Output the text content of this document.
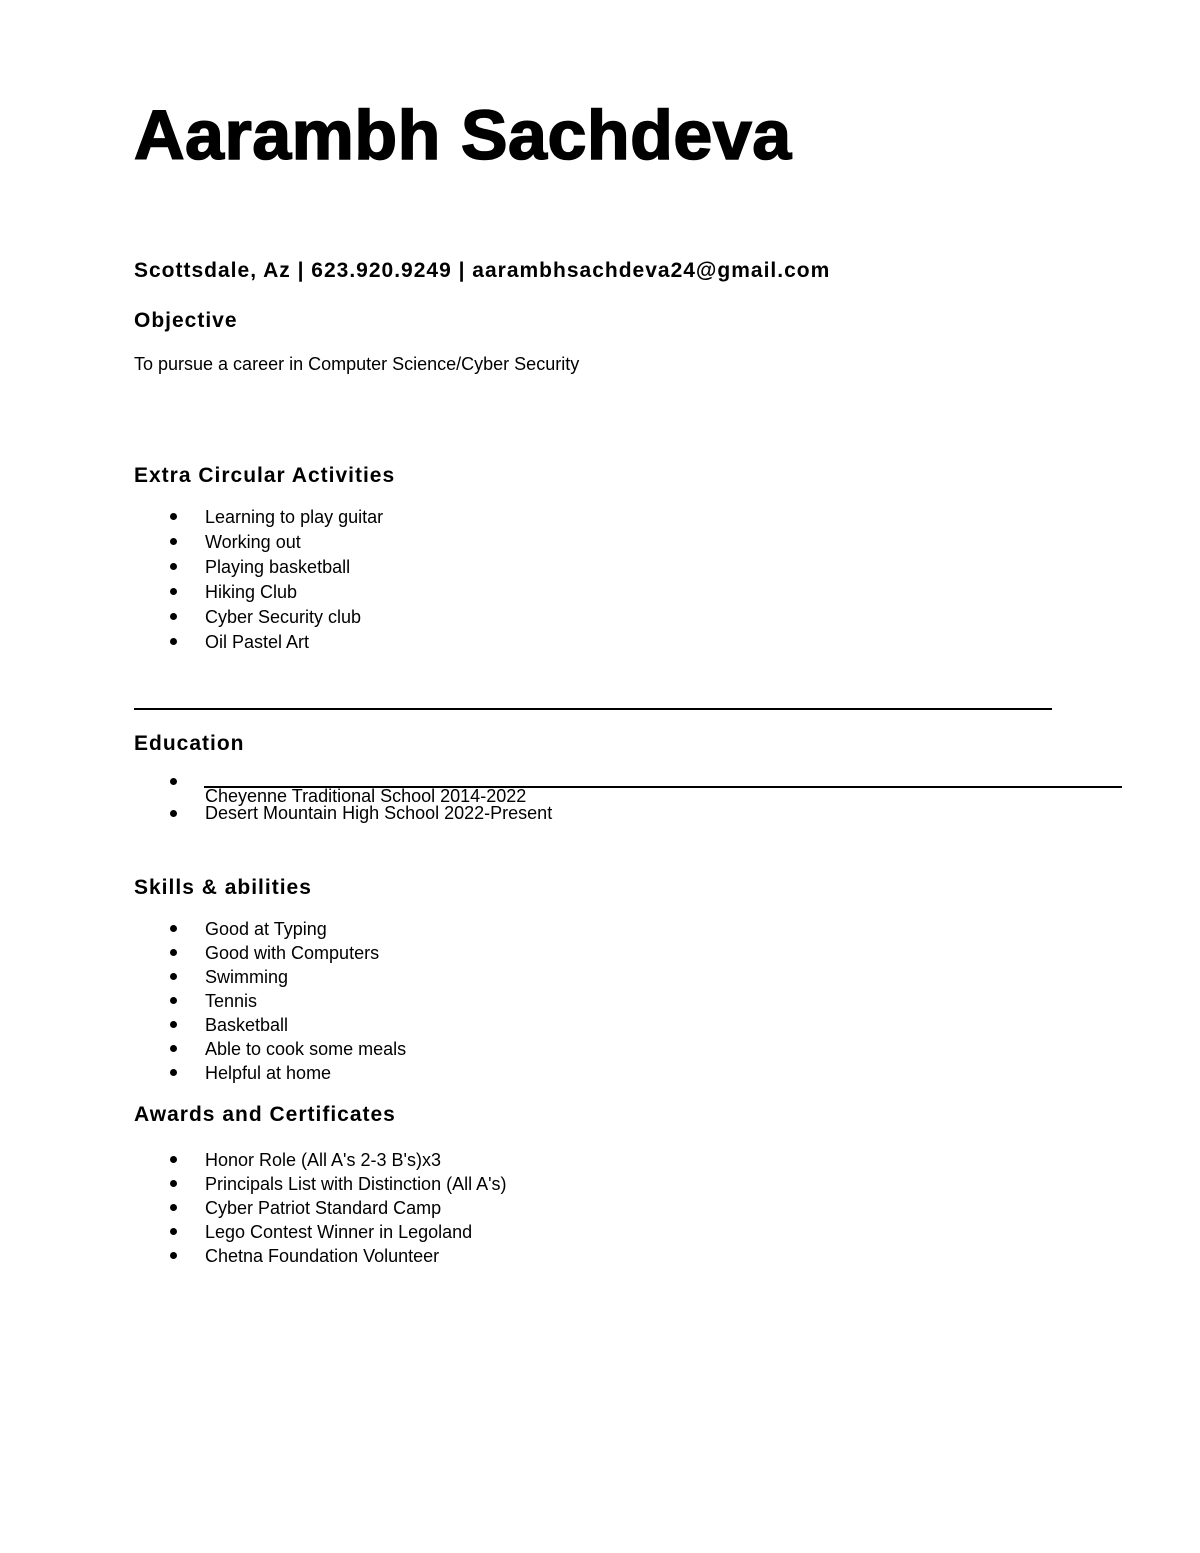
Aarambh Sachdeva

Scottsdale, Az | 623.920.9249 | aarambhsachdeva24@gmail.com

Objective

To pursue a career in Computer Science/Cyber Security

Extra Circular Activities
Learning to play guitar
Working out
Playing basketball
Hiking Club
Cyber Security club
Oil Pastel Art
Education
Cheyenne Traditional School 2014-2022
Desert Mountain High School 2022-Present
Skills & abilities
Good at Typing
Good with Computers
Swimming
Tennis
Basketball
Able to cook some meals
Helpful at home
Awards and Certificates
Honor Role (All A's 2-3 B's)x3
Principals List with Distinction (All A's)
Cyber Patriot Standard Camp
Lego Contest Winner in Legoland
Chetna Foundation Volunteer
